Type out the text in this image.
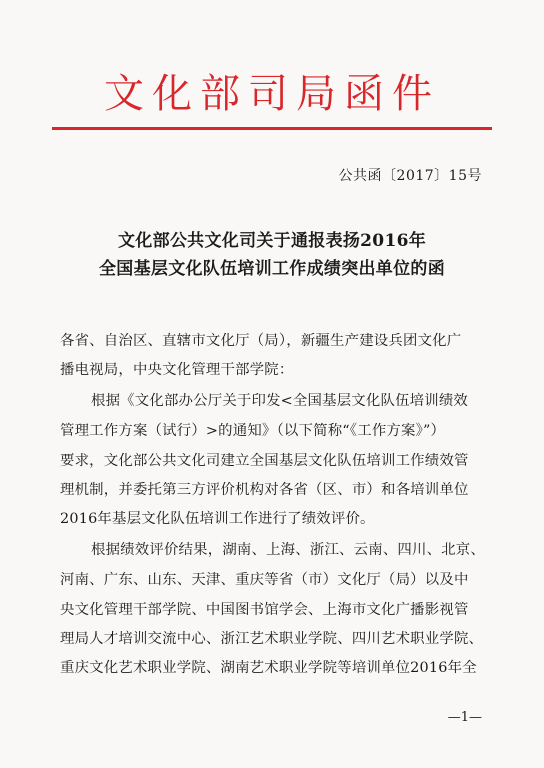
文化部司局函件
公共函〔2017〕15号
文化部公共文化司关于通报表扬2016年
全国基层文化队伍培训工作成绩突出单位的函
各省、自治区、直辖市文化厅（局），新疆生产建设兵团文化广
播电视局，中央文化管理干部学院：
根据《文化部办公厅关于印发<全国基层文化队伍培训绩效
管理工作方案（试行）>的通知》（以下简称“《工作方案》”）
要求，文化部公共文化司建立全国基层文化队伍培训工作绩效管
理机制，并委托第三方评价机构对各省（区、市）和各培训单位
2016年基层文化队伍培训工作进行了绩效评价。
根据绩效评价结果，湖南、上海、浙江、云南、四川、北京、
河南、广东、山东、天津、重庆等省（市）文化厅（局）以及中
央文化管理干部学院、中国图书馆学会、上海市文化广播影视管
理局人才培训交流中心、浙江艺术职业学院、四川艺术职业学院、
重庆文化艺术职业学院、湖南艺术职业学院等培训单位2016年全
—1—
